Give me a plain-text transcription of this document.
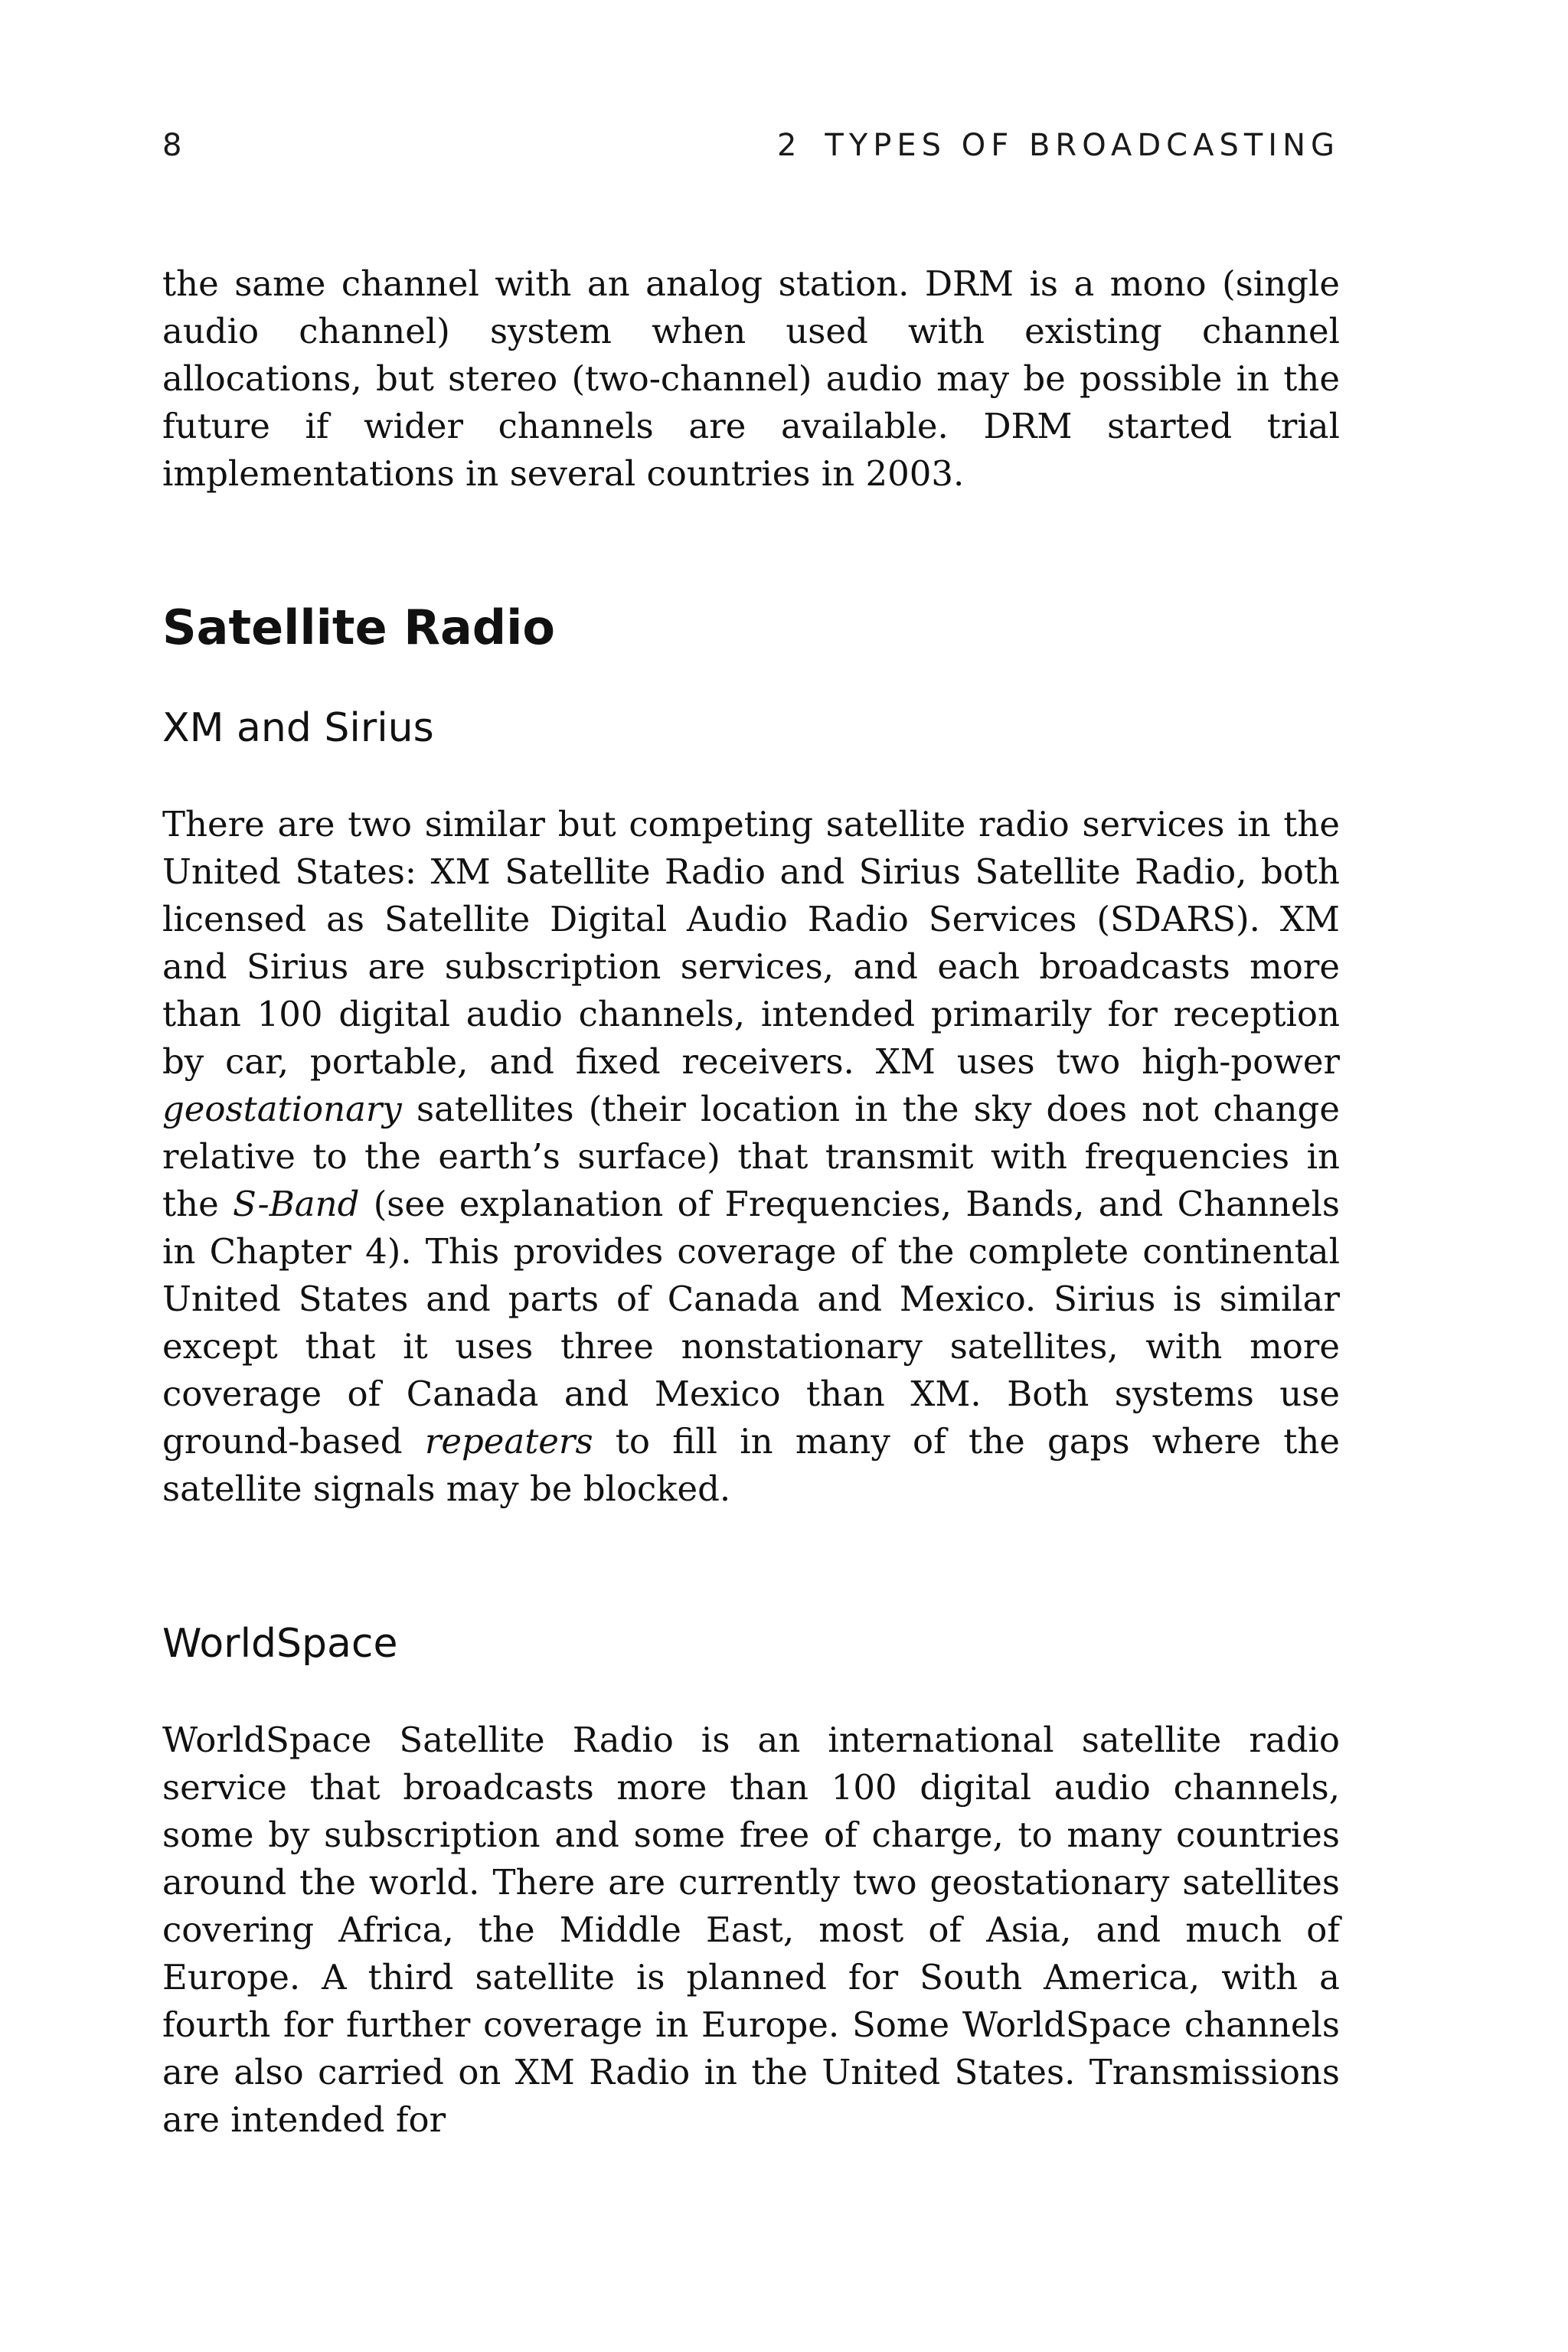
8	2 TYPES OF BROADCASTING

the same channel with an analog station. DRM is a mono (single audio channel) system when used with existing channel allocations, but stereo (two-channel) audio may be possible in the future if wider channels are available. DRM started trial implementations in several countries in 2003.

Satellite Radio
XM and Sirius

There are two similar but competing satellite radio services in the United States: XM Satellite Radio and Sirius Satellite Radio, both licensed as Satellite Digital Audio Radio Services (SDARS). XM and Sirius are subscription services, and each broadcasts more than 100 digital audio channels, intended primarily for reception by car, portable, and fixed receivers. XM uses two high-power geostationary satellites (their location in the sky does not change relative to the earth’s surface) that transmit with frequencies in the S-Band (see explanation of Frequencies, Bands, and Channels in Chapter 4). This provides coverage of the complete continental United States and parts of Canada and Mexico. Sirius is similar except that it uses three nonstationary satellites, with more coverage of Canada and Mexico than XM. Both systems use ground-based repeaters to fill in many of the gaps where the satellite signals may be blocked.

WorldSpace

WorldSpace Satellite Radio is an international satellite radio service that broadcasts more than 100 digital audio channels, some by subscription and some free of charge, to many countries around the world. There are currently two geostationary satellites covering Africa, the Middle East, most of Asia, and much of Europe. A third satellite is planned for South America, with a fourth for further coverage in Europe. Some WorldSpace channels are also carried on XM Radio in the United States. Transmissions are intended for
